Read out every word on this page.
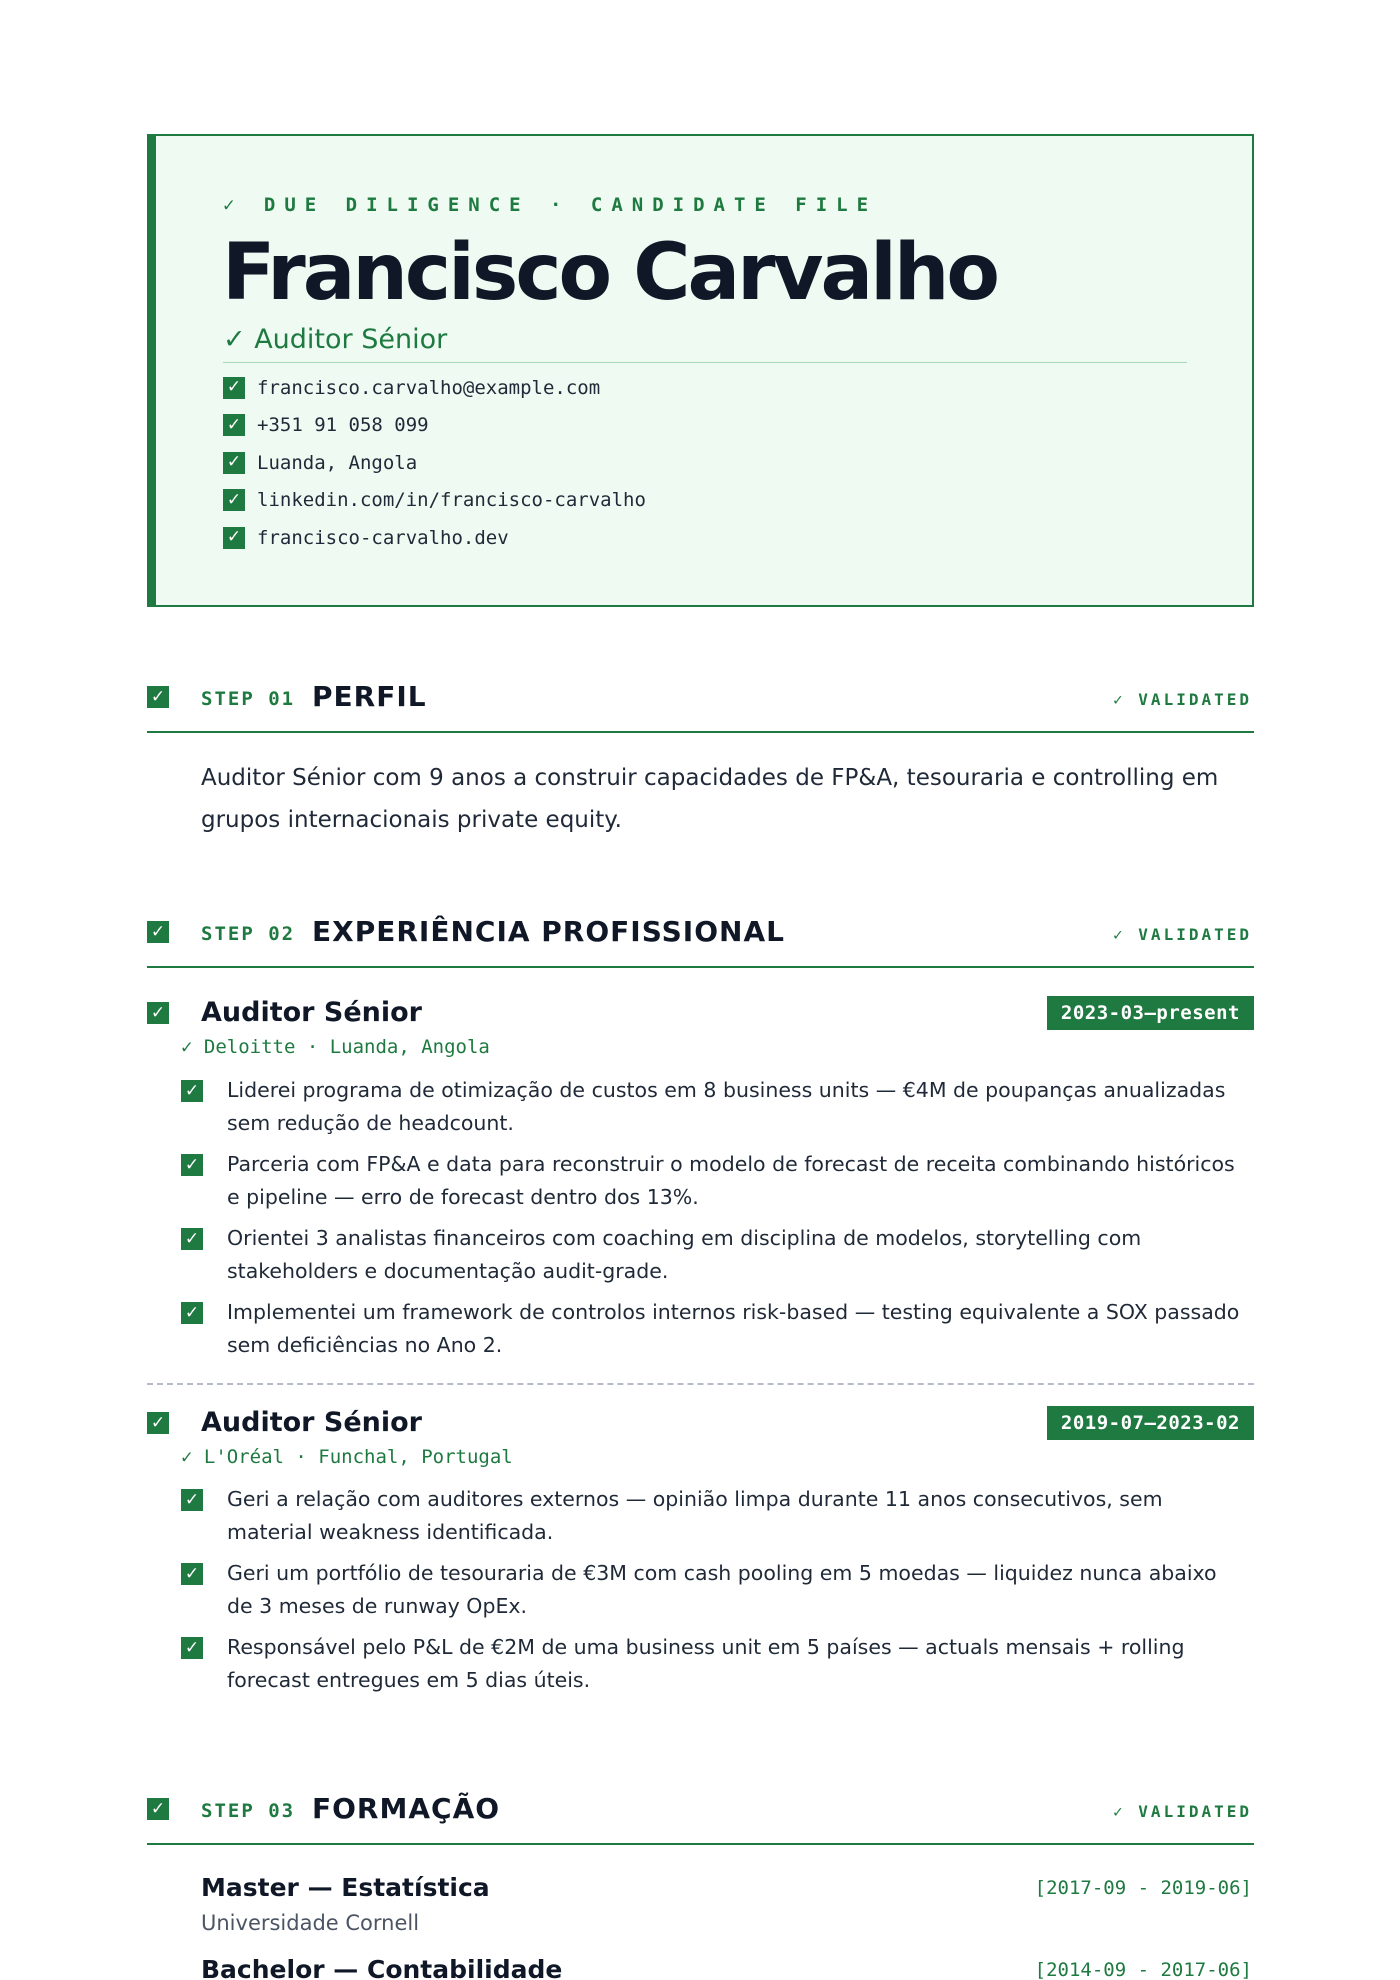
✓ DUE DILIGENCE · CANDIDATE FILE
Francisco Carvalho
✓ Auditor Sénior
✓ francisco.carvalho@example.com
✓ +351 91 058 099
✓ Luanda, Angola
✓ linkedin.com/in/francisco-carvalho
✓ francisco-carvalho.dev
✓ STEP 01 PERFIL	✓ VALIDATED
Auditor Sénior com 9 anos a construir capacidades de FP&A, tesouraria e controlling em grupos internacionais private equity.
✓ STEP 02 EXPERIÊNCIA PROFISSIONAL	✓ VALIDATED
✓ Auditor Sénior	2023-03—present
✓ Deloitte · Luanda, Angola
✓ Liderei programa de otimização de custos em 8 business units — €4M de poupanças anualizadas sem redução de headcount.
✓ Parceria com FP&A e data para reconstruir o modelo de forecast de receita combinando históricos e pipeline — erro de forecast dentro dos 13%.
✓ Orientei 3 analistas financeiros com coaching em disciplina de modelos, storytelling com stakeholders e documentação audit-grade.
✓ Implementei um framework de controlos internos risk-based — testing equivalente a SOX passado sem deficiências no Ano 2.
✓ Auditor Sénior	2019-07—2023-02
✓ L'Oréal · Funchal, Portugal
✓ Geri a relação com auditores externos — opinião limpa durante 11 anos consecutivos, sem material weakness identificada.
✓ Geri um portfólio de tesouraria de €3M com cash pooling em 5 moedas — liquidez nunca abaixo de 3 meses de runway OpEx.
✓ Responsável pelo P&L de €2M de uma business unit em 5 países — actuals mensais + rolling forecast entregues em 5 dias úteis.
✓ STEP 03 FORMAÇÃO	✓ VALIDATED
Master — Estatística	[2017-09 - 2019-06]
Universidade Cornell
Bachelor — Contabilidade	[2014-09 - 2017-06]
